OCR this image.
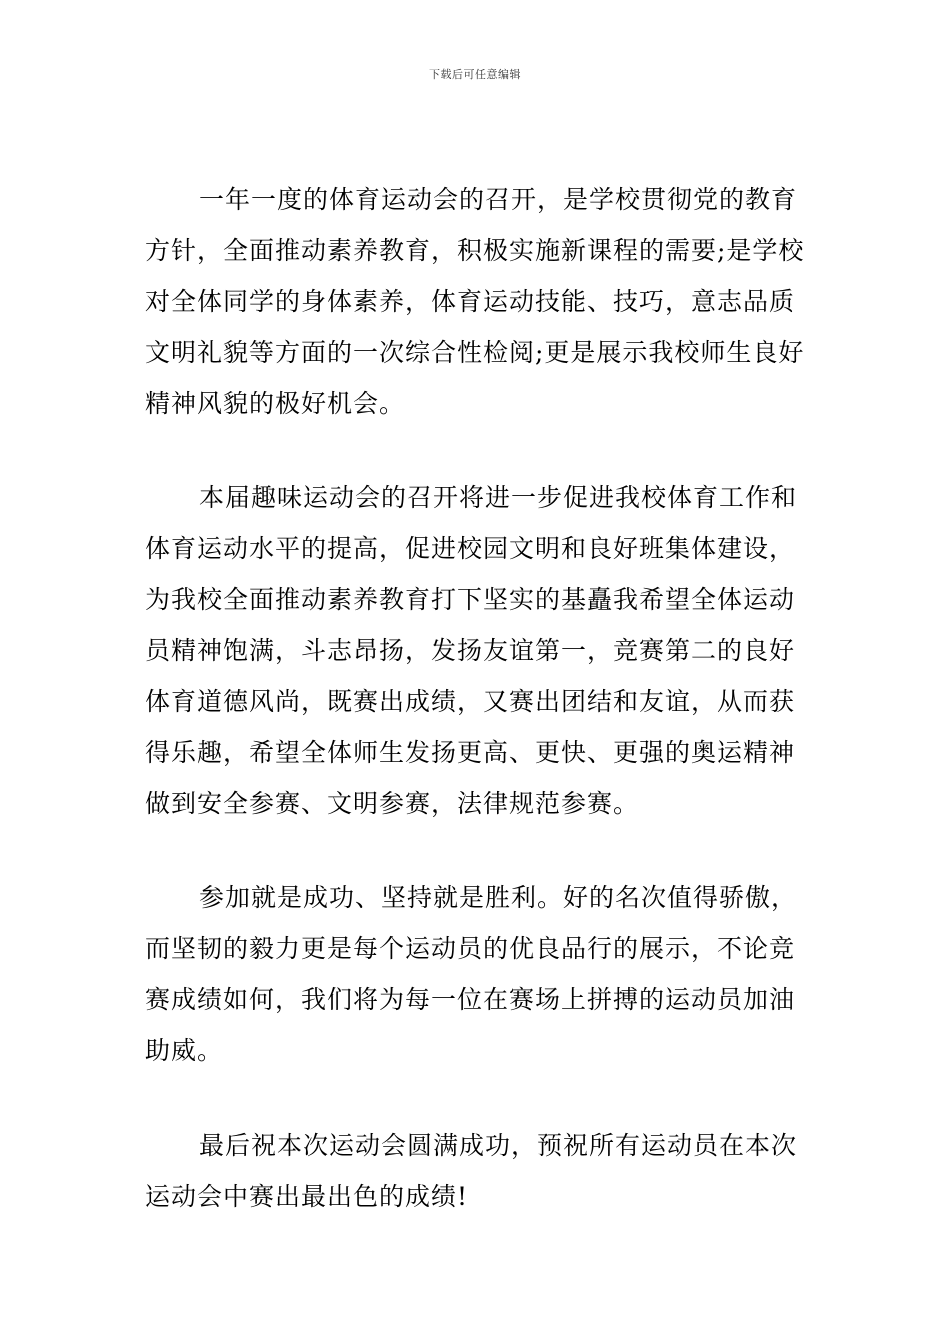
下载后可任意编辑
一年一度的体育运动会的召开，是学校贯彻党的教育
方针，全面推动素养教育，积极实施新课程的需要;是学校
对全体同学的身体素养，体育运动技能、技巧，意志品质
文明礼貌等方面的一次综合性检阅;更是展示我校师生良好
精神风貌的极好机会。
本届趣味运动会的召开将进一步促进我校体育工作和
体育运动水平的提高，促进校园文明和良好班集体建设，
为我校全面推动素养教育打下坚实的基矗我希望全体运动
员精神饱满，斗志昂扬，发扬友谊第一，竞赛第二的良好
体育道德风尚，既赛出成绩，又赛出团结和友谊，从而获
得乐趣，希望全体师生发扬更高、更快、更强的奥运精神
做到安全参赛、文明参赛，法律规范参赛。
参加就是成功、坚持就是胜利。好的名次值得骄傲，
而坚韧的毅力更是每个运动员的优良品行的展示，不论竞
赛成绩如何，我们将为每一位在赛场上拼搏的运动员加油
助威。
最后祝本次运动会圆满成功，预祝所有运动员在本次
运动会中赛出最出色的成绩!
